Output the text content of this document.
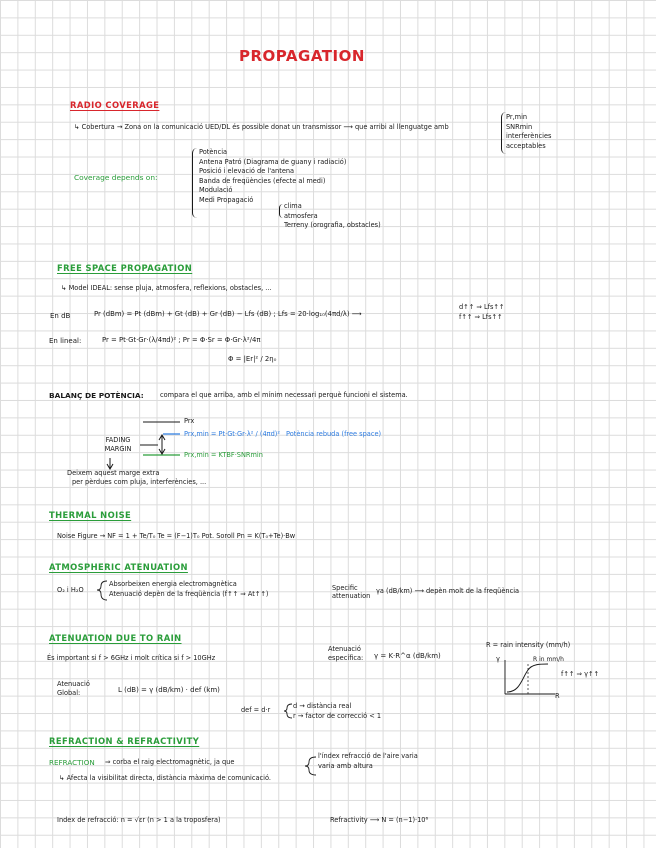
PROPAGATION
RADIO COVERAGE
↳ Cobertura → Zona on la comunicació UED/DL és possible donat un transmissor ⟶ que arribi al llenguatge amb
Pr,min
SNRmin
interferències acceptables
Coverage depends on:
Potència
Antena Patró (Diagrama de guany i radiació)
Posició i elevació de l'antena
Banda de freqüències (efecte al medi)
Modulació
Medi Propagació
clima
atmosfera
Terreny (orografia, obstacles)
FREE SPACE PROPAGATION
↳ Model IDEAL: sense pluja, atmosfera, reflexions, obstacles, ...
En dB	Pr (dBm) = Pt (dBm) + Gt (dB) + Gr (dB) − Lfs (dB) ; Lfs = 20·log₁₀(4πd/λ) ⟶
d↑↑ ⇒ Lfs↑↑
f↑↑ ⇒ Lfs↑↑
En lineal:	Pr = Pt·Gt·Gr·(λ/4πd)² ; Pr = Φ·Sr = Φ·Gr·λ²/4π
Φ = |Er|² / 2η₀
BALANÇ DE POTÈNCIA: compara el que arriba, amb el mínim necessari perquè funcioni el sistema.
Prx
Prx,min = Pt·Gt·Gr·λ² / (4πd)² Potència rebuda (free space)
Prx,min = KTBF·SNRmin
FADING MARGIN
Deixem aquest marge extra
per pèrdues com pluja, interferències, ...
THERMAL NOISE
Noise Figure → NF = 1 + Te/T₀ Te = (F−1)T₀ Pot. Soroll Pn = K(T₀+Te)·Bw
ATMOSPHERIC ATENUATION
O₂ i H₂O
Absorbeixen energia electromagnètica
Atenuació depèn de la freqüència (f↑↑ ⇒ At↑↑)
Specific attenuation
γa (dB/km) ⟶ depèn molt de la freqüència
ATENUATION DUE TO RAIN
És important si f > 6GHz i molt crítica si f > 10GHz
Atenuació específica:	γ = K·R^α (dB/km)
R = rain intensity (mm/h)
γ
R
R in mm/h
f↑↑ ⇒ γ↑↑
Atenuació Global:	L (dB) = γ (dB/km) · def (km)
def = d·r	d → distància real
r → factor de correcció < 1
REFRACTION & REFRACTIVITY
REFRACTION ⇒ corba el raig electromagnètic, ja que
l'índex refracció de l'aire varia
varia amb altura
↳ Afecta la visibilitat directa, distància màxima de comunicació.
Index de refracció: n = √εr (n > 1 a la troposfera)	Refractivity ⟶ N = (n−1)·10⁶
